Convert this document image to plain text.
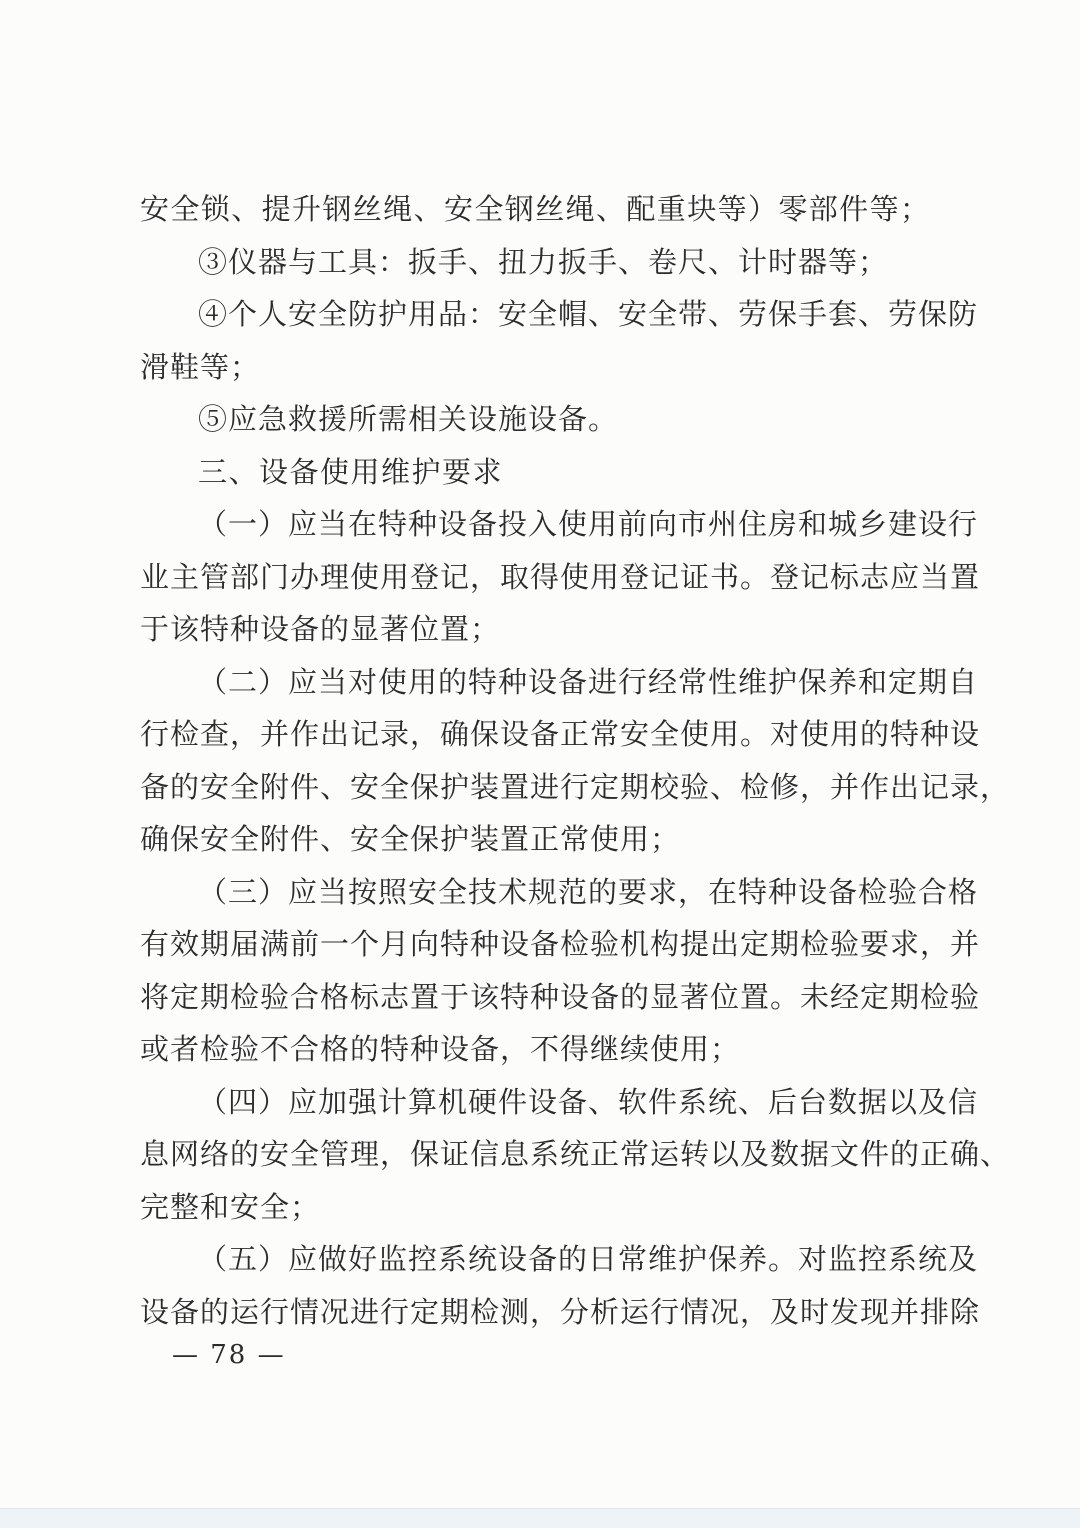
安全锁、提升钢丝绳、安全钢丝绳、配重块等）零部件等；
③仪器与工具：扳手、扭力扳手、卷尺、计时器等；
④个人安全防护用品：安全帽、安全带、劳保手套、劳保防
滑鞋等；
⑤应急救援所需相关设施设备。
三、设备使用维护要求
（一）应当在特种设备投入使用前向市州住房和城乡建设行
业主管部门办理使用登记，取得使用登记证书。登记标志应当置
于该特种设备的显著位置；
（二）应当对使用的特种设备进行经常性维护保养和定期自
行检查，并作出记录，确保设备正常安全使用。对使用的特种设
备的安全附件、安全保护装置进行定期校验、检修，并作出记录，
确保安全附件、安全保护装置正常使用；
（三）应当按照安全技术规范的要求，在特种设备检验合格
有效期届满前一个月向特种设备检验机构提出定期检验要求，并
将定期检验合格标志置于该特种设备的显著位置。未经定期检验
或者检验不合格的特种设备，不得继续使用；
（四）应加强计算机硬件设备、软件系统、后台数据以及信
息网络的安全管理，保证信息系统正常运转以及数据文件的正确、
完整和安全；
（五）应做好监控系统设备的日常维护保养。对监控系统及
设备的运行情况进行定期检测，分析运行情况，及时发现并排除
— 78 —
